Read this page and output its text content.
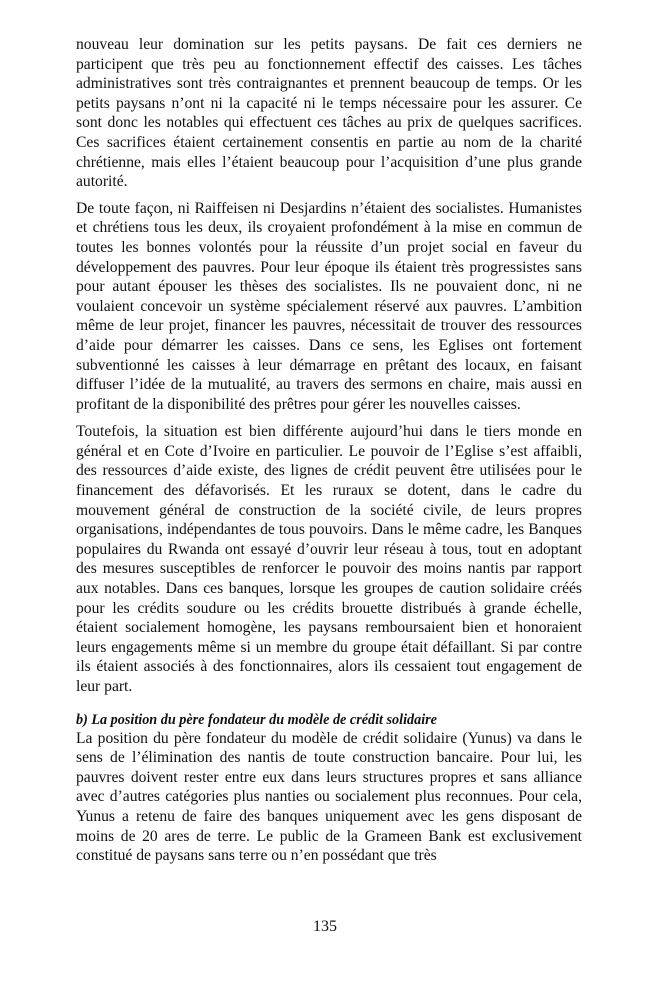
nouveau leur domination sur les petits paysans. De fait ces derniers ne participent que très peu au fonctionnement effectif des caisses. Les tâches administratives sont très contraignantes et prennent beaucoup de temps. Or les petits paysans n’ont ni la capacité ni le temps nécessaire pour les assurer. Ce sont donc les notables qui effectuent ces tâches au prix de quelques sacrifices. Ces sacrifices étaient certainement consentis en partie au nom de la charité chrétienne, mais elles l’étaient beaucoup pour l’acquisition d’une plus grande autorité.

De toute façon, ni Raiffeisen ni Desjardins n’étaient des socialistes. Humanistes et chrétiens tous les deux, ils croyaient profondément à la mise en commun de toutes les bonnes volontés pour la réussite d’un projet social en faveur du développement des pauvres. Pour leur époque ils étaient très progressistes sans pour autant épouser les thèses des socialistes. Ils ne pouvaient donc, ni ne voulaient concevoir un système spécialement réservé aux pauvres. L’ambition même de leur projet, financer les pauvres, nécessitait de trouver des ressources d’aide pour démarrer les caisses. Dans ce sens, les Eglises ont fortement subventionné les caisses à leur démarrage en prêtant des locaux, en faisant diffuser l’idée de la mutualité, au travers des sermons en chaire, mais aussi en profitant de la disponibilité des prêtres pour gérer les nouvelles caisses.

Toutefois, la situation est bien différente aujourd’hui dans le tiers monde en général et en Cote d’Ivoire en particulier. Le pouvoir de l’Eglise s’est affaibli, des ressources d’aide existe, des lignes de crédit peuvent être utilisées pour le financement des défavorisés. Et les ruraux se dotent, dans le cadre du mouvement général de construction de la société civile, de leurs propres organisations, indépendantes de tous pouvoirs. Dans le même cadre, les Banques populaires du Rwanda ont essayé d’ouvrir leur réseau à tous, tout en adoptant des mesures susceptibles de renforcer le pouvoir des moins nantis par rapport aux notables. Dans ces banques, lorsque les groupes de caution solidaire créés pour les crédits soudure ou les crédits brouette distribués à grande échelle, étaient socialement homogène, les paysans remboursaient bien et honoraient leurs engagements même si un membre du groupe était défaillant. Si par contre ils étaient associés à des fonctionnaires, alors ils cessaient tout engagement de leur part.

b) La position du père fondateur du modèle de crédit solidaire

La position du père fondateur du modèle de crédit solidaire (Yunus) va dans le sens de l’élimination des nantis de toute construction bancaire. Pour lui, les pauvres doivent rester entre eux dans leurs structures propres et sans alliance avec d’autres catégories plus nanties ou socialement plus reconnues. Pour cela, Yunus a retenu de faire des banques uniquement avec les gens disposant de moins de 20 ares de terre. Le public de la Grameen Bank est exclusivement constitué de paysans sans terre ou n’en possédant que très

135
